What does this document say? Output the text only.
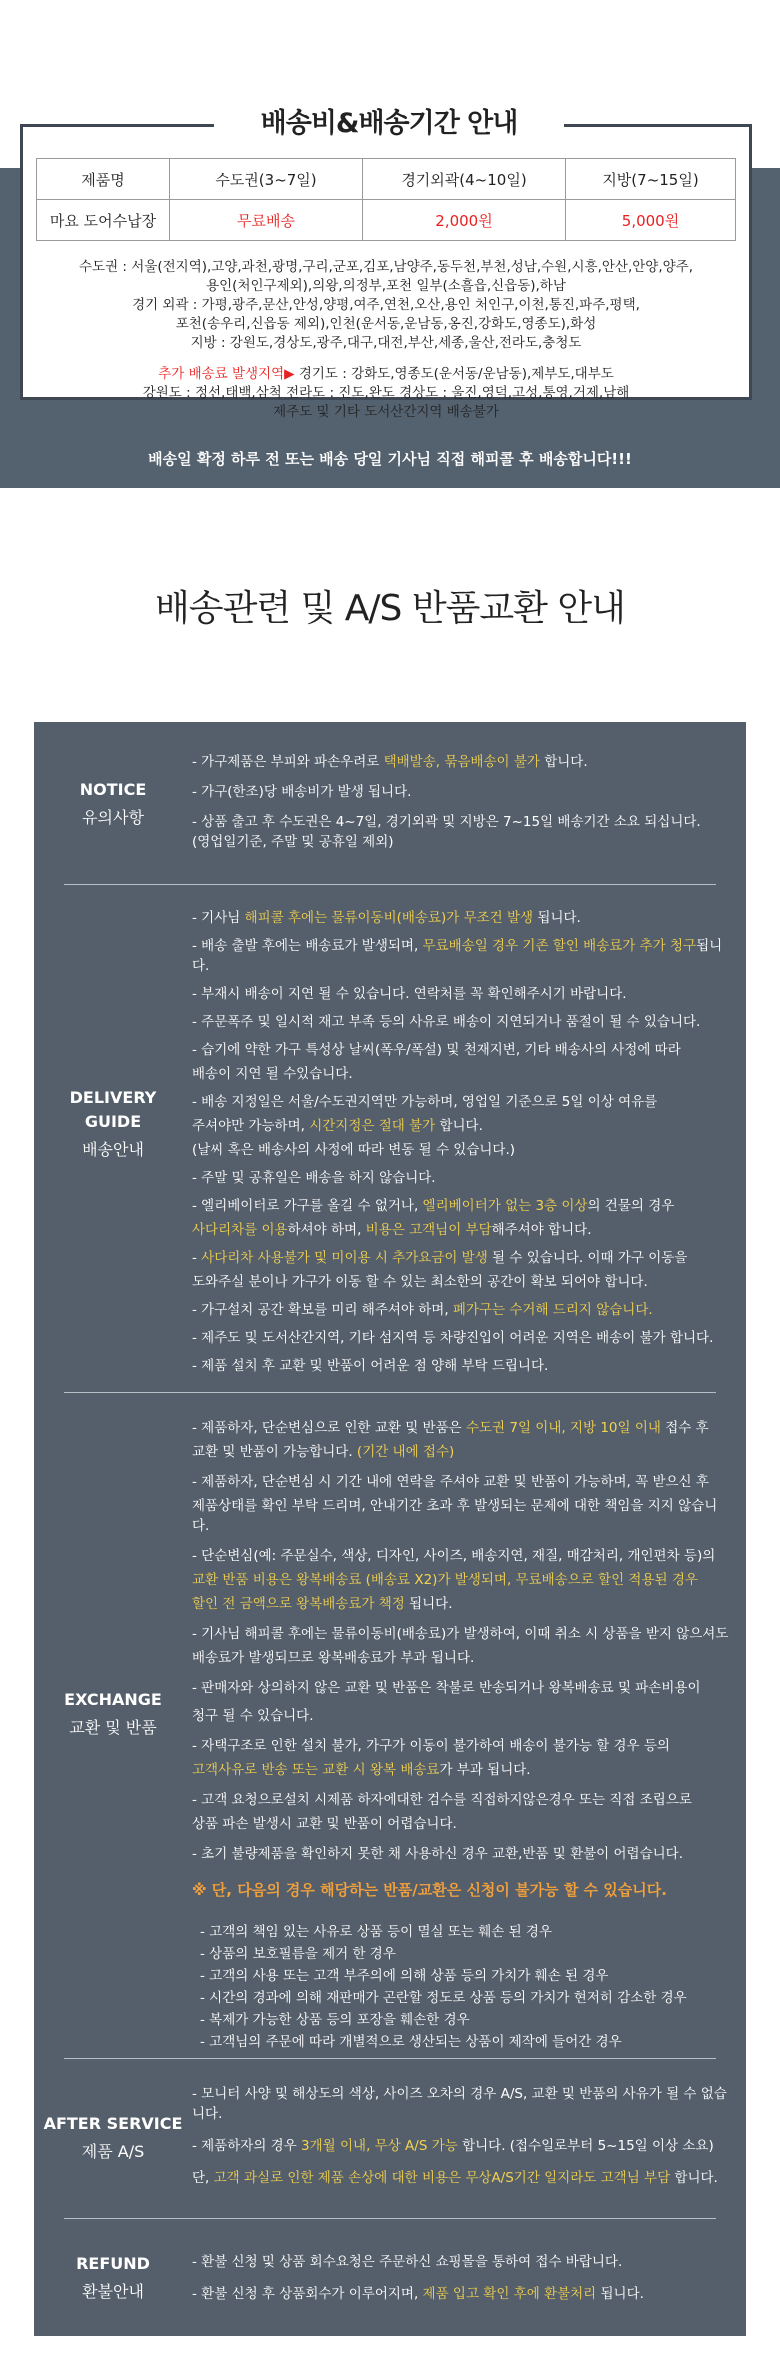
배송비&배송기간 안내
제품명	수도권(3~7일)	경기외곽(4~10일)	지방(7~15일)
마요 도어수납장	무료배송	2,000원	5,000원

수도권 : 서울(전지역),고양,과천,광명,구리,군포,김포,남양주,동두천,부천,성남,수원,시흥,안산,안양,양주,

용인(처인구제외),의왕,의정부,포천 일부(소흘읍,신읍동),하남

경기 외곽 : 가평,광주,문산,안성,양평,여주,연천,오산,용인 처인구,이천,통진,파주,평택,

포천(송우리,신읍동 제외),인천(운서동,운남동,옹진,강화도,영종도),화성

지방 : 강원도,경상도,광주,대구,대전,부산,세종,울산,전라도,충청도

추가 배송료 발생지역▶ 경기도 : 강화도,영종도(운서동/운남동),제부도,대부도

강원도 : 정선,태백,삼척 전라도 : 진도,완도 경상도 : 울진,영덕,고성,통영,거제,남해

제주도 및 기타 도서산간지역 배송불가

배송일 확정 하루 전 또는 배송 당일 기사님 직접 해피콜 후 배송합니다!!!
배송관련 및 A/S 반품교환 안내
NOTICE
유의사항

- 가구제품은 부피와 파손우려로 택배발송, 묶음배송이 불가 합니다.

- 가구(한조)당 배송비가 발생 됩니다.

- 상품 출고 후 수도권은 4~7일, 경기외곽 및 지방은 7~15일 배송기간 소요 되십니다.

(영업일기준, 주말 및 공휴일 제외)

DELIVERY
GUIDE
배송안내

- 기사님 해피콜 후에는 물류이동비(배송료)가 무조건 발생 됩니다.

- 배송 출발 후에는 배송료가 발생되며, 무료배송일 경우 기존 할인 배송료가 추가 청구됩니다.

- 부재시 배송이 지연 될 수 있습니다. 연락처를 꼭 확인해주시기 바랍니다.

- 주문폭주 및 일시적 재고 부족 등의 사유로 배송이 지연되거나 품절이 될 수 있습니다.

- 습기에 약한 가구 특성상 날씨(폭우/폭설) 및 천재지변, 기타 배송사의 사정에 따라

배송이 지연 될 수있습니다.

- 배송 지정일은 서울/수도권지역만 가능하며, 영업일 기준으로 5일 이상 여유를

주셔야만 가능하며, 시간지정은 절대 불가 합니다.

(날씨 혹은 배송사의 사정에 따라 변동 될 수 있습니다.)

- 주말 및 공휴일은 배송을 하지 않습니다.

- 엘리베이터로 가구를 올길 수 없거나, 엘리베이터가 없는 3층 이상의 건물의 경우

사다리차를 이용하셔야 하며, 비용은 고객님이 부담해주셔야 합니다.

- 사다리차 사용불가 및 미이용 시 추가요금이 발생 될 수 있습니다. 이때 가구 이동을

도와주실 분이나 가구가 이동 할 수 있는 최소한의 공간이 확보 되어야 합니다.

- 가구설치 공간 확보를 미리 해주셔야 하며, 폐가구는 수거해 드리지 않습니다.

- 제주도 및 도서산간지역, 기타 섬지역 등 차량진입이 어려운 지역은 배송이 불가 합니다.

- 제품 설치 후 교환 및 반품이 어려운 점 양해 부탁 드립니다.

EXCHANGE
교환 및 반품

- 제품하자, 단순변심으로 인한 교환 및 반품은 수도권 7일 이내, 지방 10일 이내 접수 후

교환 및 반품이 가능합니다. (기간 내에 접수)

- 제품하자, 단순변심 시 기간 내에 연락을 주셔야 교환 및 반품이 가능하며, 꼭 받으신 후

제품상태를 확인 부탁 드리며, 안내기간 초과 후 발생되는 문제에 대한 책임을 지지 않습니다.

- 단순변심(예: 주문실수, 색상, 디자인, 사이즈, 배송지연, 재질, 매감처리, 개인편차 등)의

교환 반품 비용은 왕복배송료 (배송료 X2)가 발생되며, 무료배송으로 할인 적용된 경우

할인 전 금액으로 왕복배송료가 책정 됩니다.

- 기사님 해피콜 후에는 물류이동비(배송료)가 발생하여, 이때 취소 시 상품을 받지 않으셔도

배송료가 발생되므로 왕복배송료가 부과 됩니다.

- 판매자와 상의하지 않은 교환 및 반품은 착불로 반송되거나 왕복배송료 및 파손비용이

청구 될 수 있습니다.

- 자택구조로 인한 설치 불가, 가구가 이동이 불가하여 배송이 불가능 할 경우 등의

고객사유로 반송 또는 교환 시 왕복 배송료가 부과 됩니다.

- 고객 요청으로설치 시제품 하자에대한 검수를 직접하지않은경우 또는 직접 조립으로

상품 파손 발생시 교환 및 반품이 어렵습니다.

- 초기 불량제품을 확인하지 못한 채 사용하신 경우 교환,반품 및 환불이 어렵습니다.

※ 단, 다음의 경우 해당하는 반품/교환은 신청이 불가능 할 수 있습니다.

- 고객의 책임 있는 사유로 상품 등이 멸실 또는 훼손 된 경우

- 상품의 보호필름을 제거 한 경우

- 고객의 사용 또는 고객 부주의에 의해 상품 등의 가치가 훼손 된 경우

- 시간의 경과에 의해 재판매가 곤란할 정도로 상품 등의 가치가 현저히 감소한 경우

- 복제가 가능한 상품 등의 포장을 훼손한 경우

- 고객님의 주문에 따라 개별적으로 생산되는 상품이 제작에 들어간 경우

AFTER SERVICE
제품 A/S

- 모니터 사양 및 해상도의 색상, 사이즈 오차의 경우 A/S, 교환 및 반품의 사유가 될 수 없습니다.

- 제품하자의 경우 3개월 이내, 무상 A/S 가능 합니다. (접수일로부터 5~15일 이상 소요)

단, 고객 과실로 인한 제품 손상에 대한 비용은 무상A/S기간 일지라도 고객님 부담 합니다.

REFUND
환불안내

- 환불 신청 및 상품 회수요청은 주문하신 쇼핑몰을 통하여 접수 바랍니다.

- 환불 신청 후 상품회수가 이루어지며, 제품 입고 확인 후에 환불처리 됩니다.
